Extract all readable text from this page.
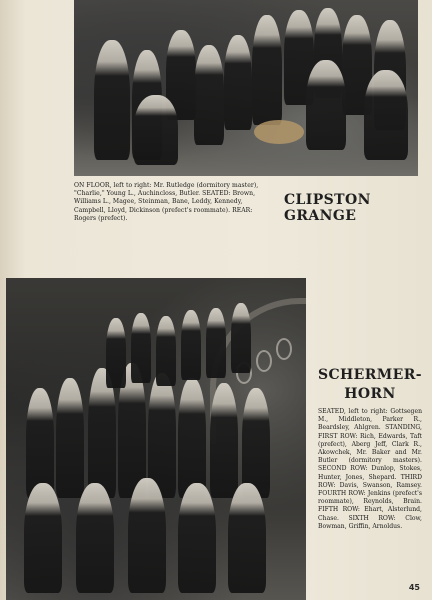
ON FLOOR, left to right: Mr. Rutledge (dormitory master), "Charlie," Young L., Auchincloss, Butler. SEATED: Brown, Williams L., Magee, Steinman, Bane, Leddy, Kennedy, Campbell, Lloyd, Dickinson (prefect's roommate). REAR: Rogers (prefect).
CLIPSTON GRANGE
SCHERMER-
HORN
SEATED, left to right: Gottsegen M., Middleton, Parker R., Beardsley, Ahlgren. STANDING, FIRST ROW: Rich, Edwards, Taft (prefect), Aberg Jeff, Clark R., Akowchek, Mr. Baker and Mr. Butler (dormitory masters). SECOND ROW: Dunlop, Stokes, Hunter, Jones, Shepard. THIRD ROW: Davis, Swanson, Ramsey. FOURTH ROW: Jenkins (prefect's roommate), Reynolds, Brain. FIFTH ROW: Ehart, Alsterlund, Chase. SIXTH ROW: Clow, Bowman, Griffin, Arnoldus.
45
